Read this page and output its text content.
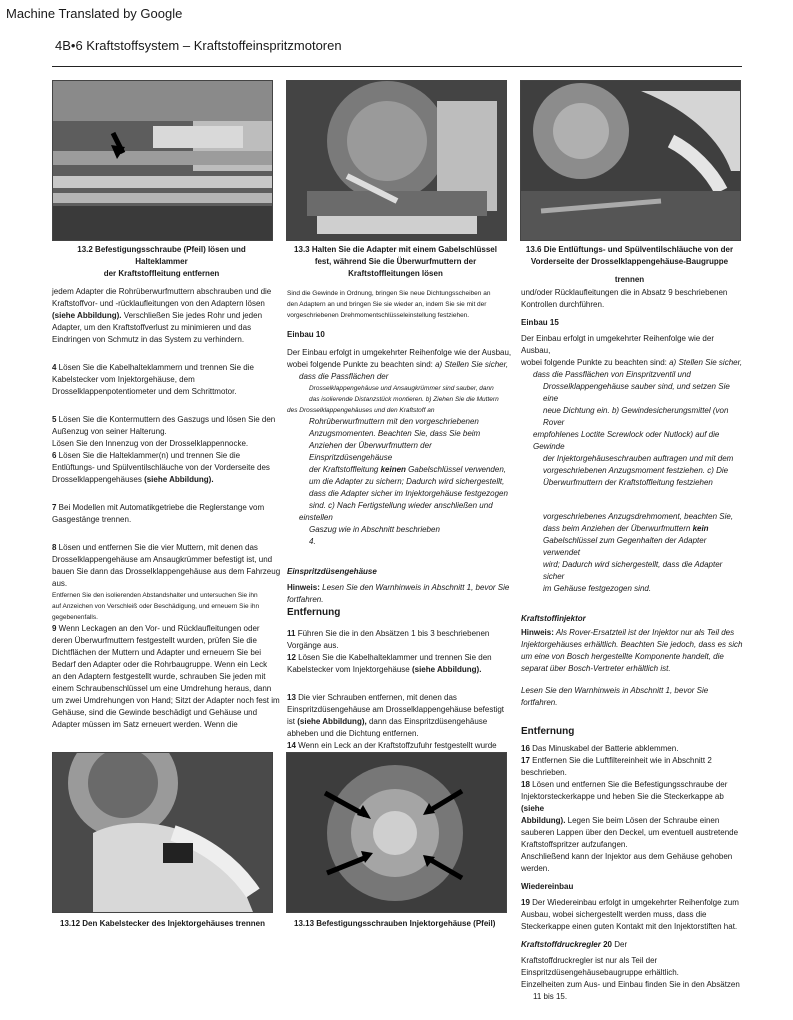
Machine Translated by Google
4B•6 Kraftstoffsystem – Kraftstoffeinspritzmotoren
13.2 Befestigungsschraube (Pfeil) lösen und Halteklammer
der Kraftstoffleitung entfernen
13.3 Halten Sie die Adapter mit einem Gabelschlüssel
fest, während Sie die Überwurfmuttern der
Kraftstoffleitungen lösen
13.6 Die Entlüftungs- und Spülventilschläuche von der
Vorderseite der Drosselklappengehäuse-Baugruppe
trennen

jedem Adapter die Rohrüberwurfmuttern abschrauben und die

Kraftstoffvor- und -rücklaufleitungen von den Adaptern lösen

(siehe Abbildung). Verschließen Sie jedes Rohr und jeden

Adapter, um den Kraftstoffverlust zu minimieren und das

Eindringen von Schmutz in das System zu verhindern.

4 Lösen Sie die Kabelhalteklammern und trennen Sie die

Kabelstecker vom Injektorgehäuse, dem

Drosselklappenpotentiometer und dem Schrittmotor.

5 Lösen Sie die Kontermuttern des Gaszugs und lösen Sie den

Außenzug von seiner Halterung.

Lösen Sie den Innenzug von der Drosselklappennocke.

6 Lösen Sie die Halteklammer(n) und trennen Sie die

Entlüftungs- und Spülventilschläuche von der Vorderseite des

Drosselklappengehäuses (siehe Abbildung).

7 Bei Modellen mit Automatikgetriebe die Reglerstange vom

Gasgestänge trennen.

8 Lösen und entfernen Sie die vier Muttern, mit denen das

Drosselklappengehäuse am Ansaugkrümmer befestigt ist, und

bauen Sie dann das Drosselklappengehäuse aus dem Fahrzeug aus.

Entfernen Sie den isolierenden Abstandshalter und untersuchen Sie ihn

auf Anzeichen von Verschleiß oder Beschädigung, und erneuern Sie ihn

gegebenenfalls.

9 Wenn Leckagen an den Vor- und Rücklaufleitungen oder

deren Überwurfmuttern festgestellt wurden, prüfen Sie die

Dichtflächen der Muttern und Adapter und erneuern Sie bei

Bedarf den Adapter oder die Rohrbaugruppe. Wenn ein Leck

an den Adaptern festgestellt wurde, schrauben Sie jeden mit

einem Schraubenschlüssel um eine Umdrehung heraus, dann

um zwei Umdrehungen von Hand; Sitzt der Adapter noch fest im

Gehäuse, sind die Gewinde beschädigt und Gehäuse und

Adapter müssen im Satz erneuert werden. Wenn die

Sind die Gewinde in Ordnung, bringen Sie neue Dichtungsscheiben an

den Adaptern an und bringen Sie sie wieder an, indem Sie sie mit der

vorgeschriebenen Drehmomentschlüsseleinstellung festziehen.

Einbau 10

Der Einbau erfolgt in umgekehrter Reihenfolge wie der Ausbau,

wobei folgende Punkte zu beachten sind: a) Stellen Sie sicher,

dass die Passflächen der

Drosselklappengehäuse und Ansaugkrümmer sind sauber, dann

das isolierende Distanzstück montieren. b) Ziehen Sie die Muttern

des Drosselklappengehäuses und den Kraftstoff an

Rohrüberwurfmuttern mit den vorgeschriebenen

Anzugsmomenten. Beachten Sie, dass Sie beim

Anziehen der Überwurfmuttern der Einspritzdüsengehäuse

der Kraftstoffleitung keinen Gabelschlüssel verwenden,

um die Adapter zu sichern; Dadurch wird sichergestellt,

dass die Adapter sicher im Injektorgehäuse festgezogen

sind. c) Nach Fertigstellung wieder anschließen und

einstellen

Gaszug wie in Abschnitt beschrieben

4.

Einspritzdüsengehäuse

Hinweis: Lesen Sie den Warnhinweis in Abschnitt 1, bevor Sie

fortfahren.

Entfernung

11 Führen Sie die in den Absätzen 1 bis 3 beschriebenen

Vorgänge aus.

12 Lösen Sie die Kabelhalteklammer und trennen Sie den

Kabelstecker vom Injektorgehäuse (siehe Abbildung).

13 Die vier Schrauben entfernen, mit denen das

Einspritzdüsengehäuse am Drosselklappengehäuse befestigt

ist (siehe Abbildung), dann das Einspritzdüsengehäuse

abheben und die Dichtung entfernen.

14 Wenn ein Leck an der Kraftstoffzufuhr festgestellt wurde

und/oder Rücklaufleitungen die in Absatz 9 beschriebenen

Kontrollen durchführen.

Einbau 15

Der Einbau erfolgt in umgekehrter Reihenfolge wie der Ausbau,

wobei folgende Punkte zu beachten sind: a) Stellen Sie sicher,

dass die Passflächen von Einspritzventil und

Drosselklappengehäuse sauber sind, und setzen Sie eine

neue Dichtung ein. b) Gewindesicherungsmittel (von Rover

empfohlenes Loctite Screwlock oder Nutlock) auf die Gewinde

der Injektorgehäuseschrauben auftragen und mit dem

vorgeschriebenen Anzugsmoment festziehen. c) Die

Überwurfmuttern der Kraftstoffleitung festziehen

vorgeschriebenes Anzugsdrehmoment, beachten Sie,

dass beim Anziehen der Überwurfmuttern kein

Gabelschlüssel zum Gegenhalten der Adapter verwendet

wird; Dadurch wird sichergestellt, dass die Adapter sicher

im Gehäuse festgezogen sind.

Kraftstoffinjektor

Hinweis: Als Rover-Ersatzteil ist der Injektor nur als Teil des

Injektorgehäuses erhältlich. Beachten Sie jedoch, dass es sich

um eine von Bosch hergestellte Komponente handelt, die

separat über Bosch-Vertreter erhältlich ist.

Lesen Sie den Warnhinweis in Abschnitt 1, bevor Sie fortfahren.

Entfernung

16 Das Minuskabel der Batterie abklemmen.

17 Entfernen Sie die Luftfiltereinheit wie in Abschnitt 2

beschrieben.

18 Lösen und entfernen Sie die Befestigungsschraube der

Injektorsteckerkappe und heben Sie die Steckerkappe ab (siehe

Abbildung). Legen Sie beim Lösen der Schraube einen

sauberen Lappen über den Deckel, um eventuell austretende

Kraftstoffspritzer aufzufangen.

Anschließend kann der Injektor aus dem Gehäuse gehoben

werden.

Wiedereinbau

19 Der Wiedereinbau erfolgt in umgekehrter Reihenfolge zum

Ausbau, wobei sichergestellt werden muss, dass die

Steckerkappe einen guten Kontakt mit den Injektorstiften hat.

Kraftstoffdruckregler 20 Der

Kraftstoffdruckregler ist nur als Teil der

Einspritzdüsengehäusebaugruppe erhältlich.

Einzelheiten zum Aus- und Einbau finden Sie in den Absätzen

11 bis 15.

13.12 Den Kabelstecker des Injektorgehäuses trennen	13.13 Befestigungsschrauben Injektorgehäuse (Pfeil)
